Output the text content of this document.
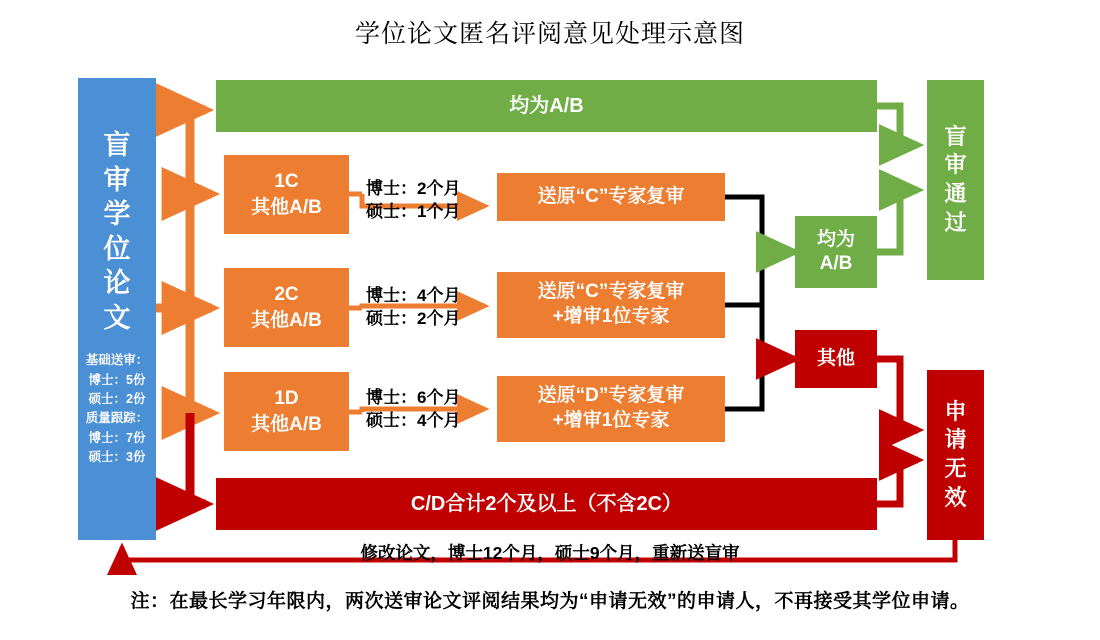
学位论文匿名评阅意见处理示意图
盲
审
学
位
论
文
基础送审：
博士：5份
硕士：2份
质量跟踪：
博士：7份
硕士：3份
均为A/B
盲
审
通
过
均为
A/B
1C
其他A/B
2C
其他A/B
1D
其他A/B
博士：2个月
硕士：1个月
博士：4个月
硕士：2个月
博士：6个月
硕士：4个月
送原“C”专家复审
送原“C”专家复审
+增审1位专家
送原“D”专家复审
+增审1位专家
其他
申
请
无
效
C/D合计2个及以上（不含2C）
修改论文，博士12个月，硕士9个月，重新送盲审
注：在最长学习年限内，两次送审论文评阅结果均为“申请无效”的申请人，不再接受其学位申请。
